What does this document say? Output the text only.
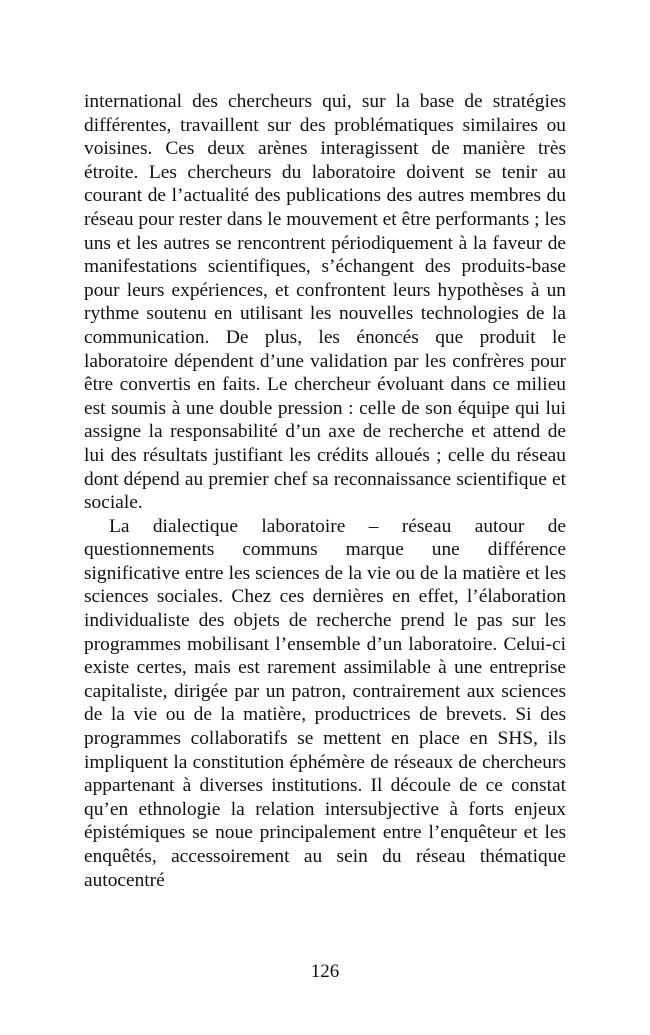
international des chercheurs qui, sur la base de stratégies différentes, travaillent sur des problématiques similaires ou voisines. Ces deux arènes interagissent de manière très étroite. Les chercheurs du laboratoire doivent se tenir au courant de l’actualité des publications des autres membres du réseau pour rester dans le mouvement et être performants ; les uns et les autres se rencontrent périodiquement à la faveur de manifestations scientifiques, s’échangent des produits-base pour leurs expériences, et confrontent leurs hypothèses à un rythme soutenu en utilisant les nouvelles technologies de la communication. De plus, les énoncés que produit le laboratoire dépendent d’une validation par les confrères pour être convertis en faits. Le chercheur évoluant dans ce milieu est soumis à une double pression : celle de son équipe qui lui assigne la responsabilité d’un axe de recherche et attend de lui des résultats justifiant les crédits alloués ; celle du réseau dont dépend au premier chef sa reconnaissance scientifique et sociale.

La dialectique laboratoire – réseau autour de questionnements communs marque une différence significative entre les sciences de la vie ou de la matière et les sciences sociales. Chez ces dernières en effet, l’élaboration individualiste des objets de recherche prend le pas sur les programmes mobilisant l’ensemble d’un laboratoire. Celui-ci existe certes, mais est rarement assimilable à une entreprise capitaliste, dirigée par un patron, contrairement aux sciences de la vie ou de la matière, productrices de brevets. Si des programmes collaboratifs se mettent en place en SHS, ils impliquent la constitution éphémère de réseaux de chercheurs appartenant à diverses institutions. Il découle de ce constat qu’en ethnologie la relation intersubjective à forts enjeux épistémiques se noue principalement entre l’enquêteur et les enquêtés, accessoirement au sein du réseau thématique autocentré

126
